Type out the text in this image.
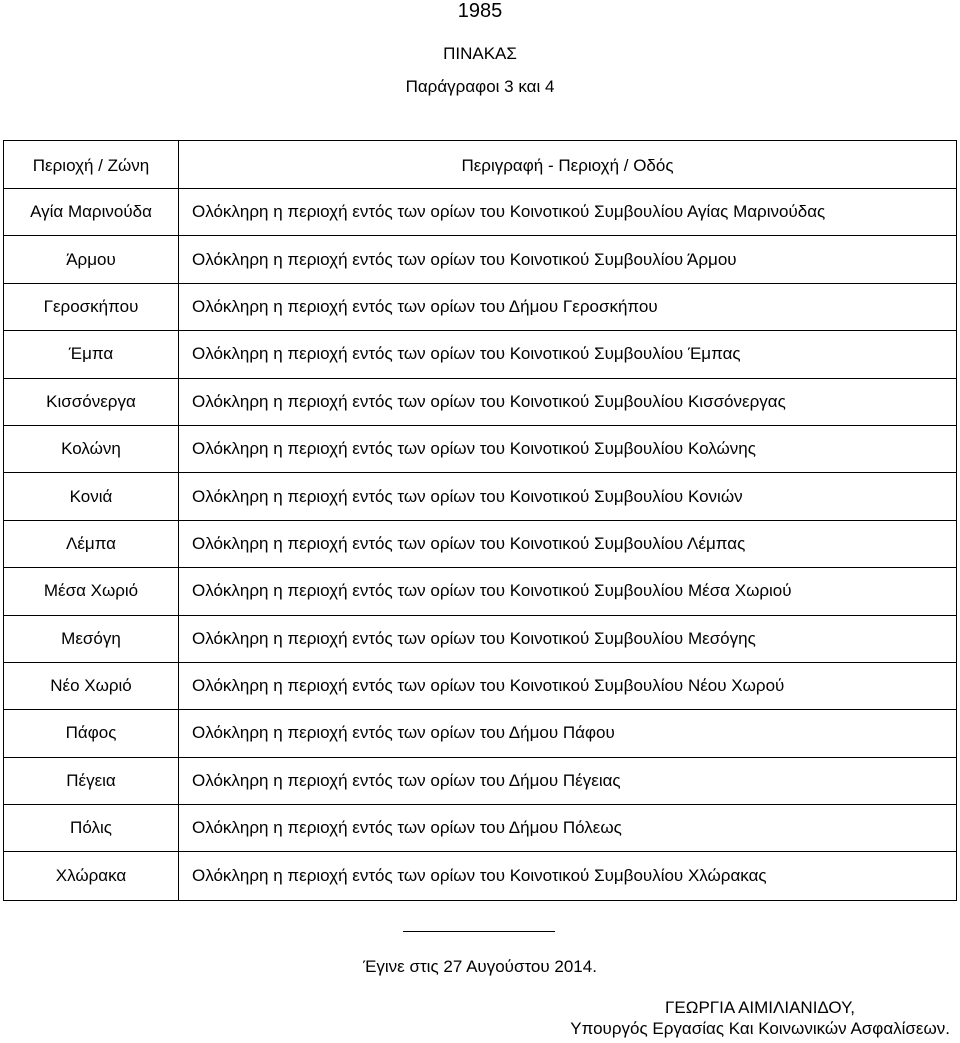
1985
ΠΙΝΑΚΑΣ
Παράγραφοι 3 και 4
Περιοχή / Ζώνη	Περιγραφή - Περιοχή / Οδός
Αγία Μαρινούδα	Ολόκληρη η περιοχή εντός των ορίων του Κοινοτικού Συμβουλίου Αγίας Μαρινούδας
Άρμου	Ολόκληρη η περιοχή εντός των ορίων του Κοινοτικού Συμβουλίου Άρμου
Γεροσκήπου	Ολόκληρη η περιοχή εντός των ορίων του Δήμου Γεροσκήπου
Έμπα	Ολόκληρη η περιοχή εντός των ορίων του Κοινοτικού Συμβουλίου Έμπας
Κισσόνεργα	Ολόκληρη η περιοχή εντός των ορίων του Κοινοτικού Συμβουλίου Κισσόνεργας
Κολώνη	Ολόκληρη η περιοχή εντός των ορίων του Κοινοτικού Συμβουλίου Κολώνης
Κονιά	Ολόκληρη η περιοχή εντός των ορίων του Κοινοτικού Συμβουλίου Κονιών
Λέμπα	Ολόκληρη η περιοχή εντός των ορίων του Κοινοτικού Συμβουλίου Λέμπας
Μέσα Χωριό	Ολόκληρη η περιοχή εντός των ορίων του Κοινοτικού Συμβουλίου Μέσα Χωριού
Μεσόγη	Ολόκληρη η περιοχή εντός των ορίων του Κοινοτικού Συμβουλίου Μεσόγης
Νέο Χωριό	Ολόκληρη η περιοχή εντός των ορίων του Κοινοτικού Συμβουλίου Νέου Χωρού
Πάφος	Ολόκληρη η περιοχή εντός των ορίων του Δήμου Πάφου
Πέγεια	Ολόκληρη η περιοχή εντός των ορίων του Δήμου Πέγειας
Πόλις	Ολόκληρη η περιοχή εντός των ορίων του Δήμου Πόλεως
Χλώρακα	Ολόκληρη η περιοχή εντός των ορίων του Κοινοτικού Συμβουλίου Χλώρακας
Έγινε στις 27 Αυγούστου 2014.
ΓΕΩΡΓΙΑ ΑΙΜΙΛΙΑΝΙΔΟΥ,
Υπουργός Εργασίας Και Κοινωνικών Ασφαλίσεων.
